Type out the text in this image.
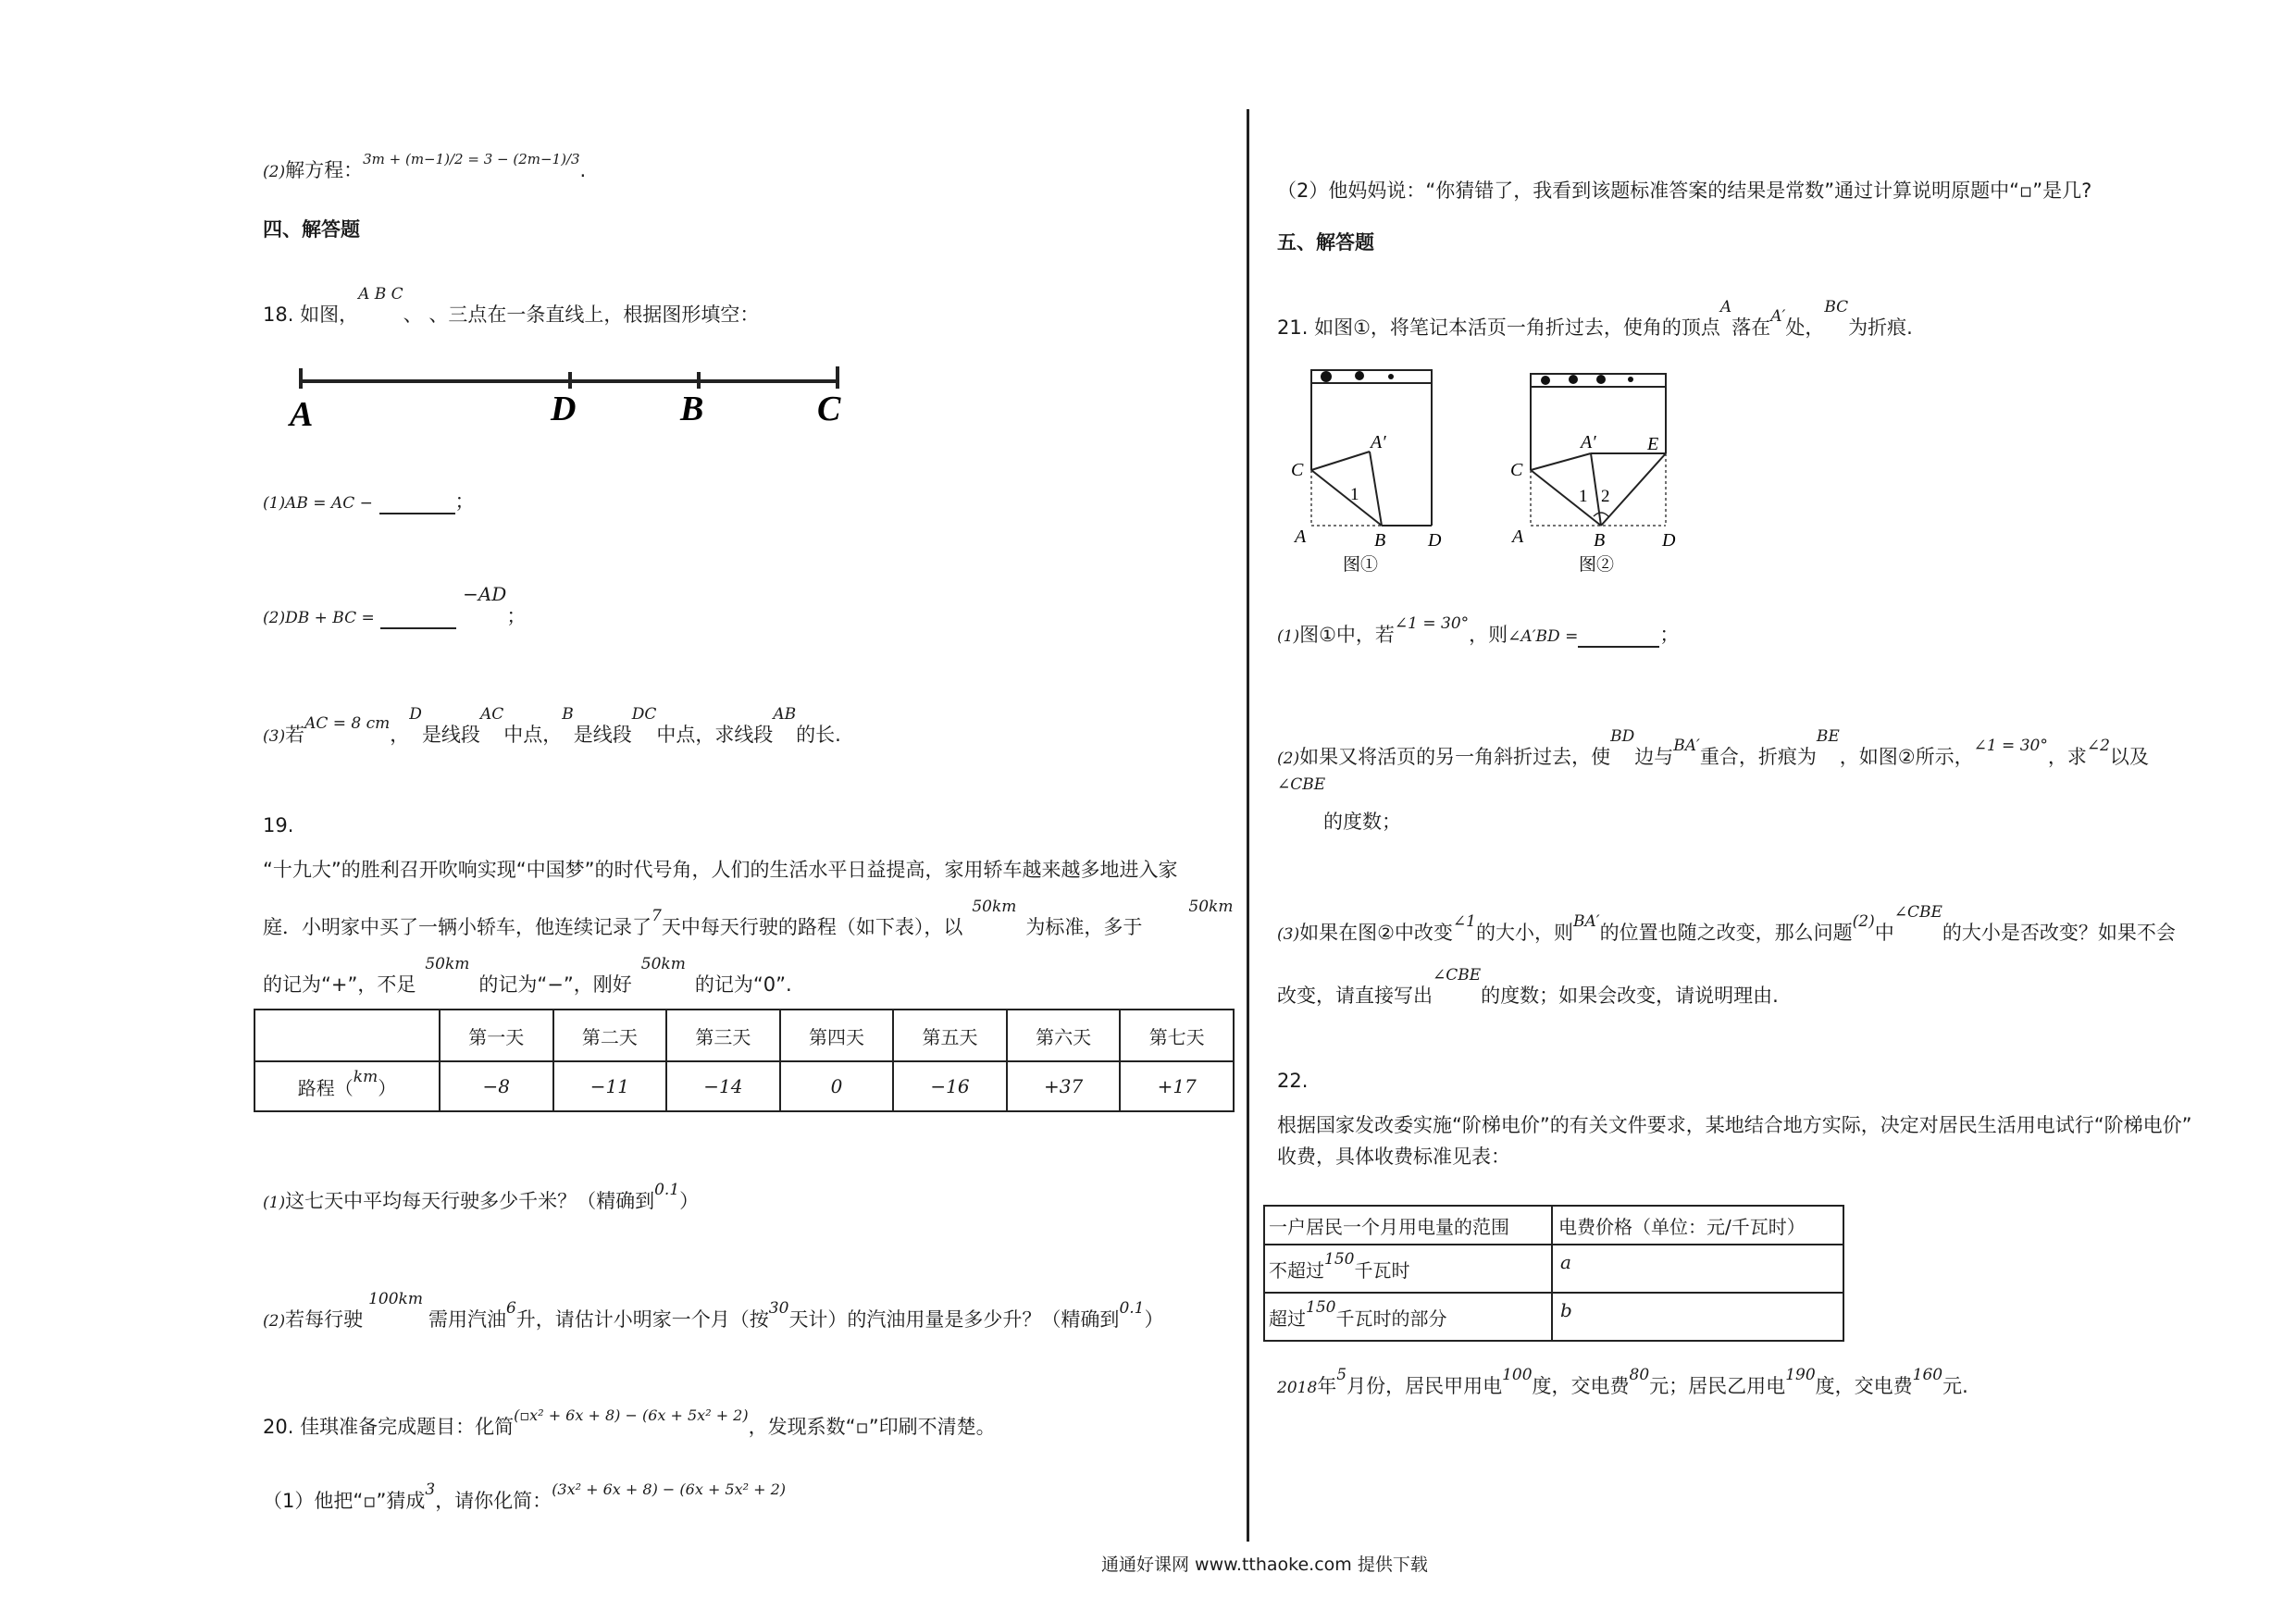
(2)解方程：$^{3m + (m-1)/2 = 3 - (2m-1)/3}$.
四、解答题
18. 如图，$^{A B C}$、 、三点在一条直线上，根据图形填空：
A	D	B	C
(1)AB = AC −	；
(2)DB + BC =  −AD；
(3)若$^{AC = 8 cm}$，$^D$是线段$^{AC}$中点，$^B$是线段$^{DC}$中点，求线段$^{AB}$的长.
19.
“十九大”的胜利召开吹响实现“中国梦”的时代号角，人们的生活水平日益提高，家用轿车越来越多地进入家
庭．小明家中买了一辆小轿车，他连续记录了$^7$天中每天行驶的路程（如下表），以$^{50km}$为标准，多于$^{50km}$
的记为“+”，不足$^{50km}$的记为“−”，刚好$^{50km}$的记为“0”.
	第一天	第二天	第三天	第四天	第五天	第六天	第七天
路程（$^{km}$）	−8	−11	−14	0	−16	+37	+17
(1)这七天中平均每天行驶多少千米？（精确到$^{0.1}$）
(2)若每行驶$^{100km}$需用汽油$^6$升，请估计小明家一个月（按$^{30}$天计）的汽油用量是多少升？（精确到$^{0.1}$）
20. 佳琪准备完成题目：化简$^{(▫x^2 + 6x + 8) - (6x + 5x^2 + 2)}$，发现系数“▫”印刷不清楚。
（1）他把“▫”猜成$^3$，请你化简：$^{(3x^2 + 6x + 8) - (6x + 5x^2 + 2)}$
（2）他妈妈说：“你猜错了，我看到该题标准答案的结果是常数”通过计算说明原题中“▫”是几?
五、解答题
21. 如图①，将笔记本活页一角折过去，使角的顶点$^A$落在$^{A'}$处，$^{BC}$为折痕.
C
A′
1
A	B D
图①
C
A′	E
1 2
A	B	D
图②
(1)图①中，若$^{\angle 1 = 30^\circ}$，则∠A′BD =	；
(2)如果又将活页的另一角斜折过去，使$^{BD}$边与$^{BA'}$重合，折痕为$^{BE}$，如图②所示，$^{\angle 1 = 30^\circ}$，求$^{\angle 2}$以及
$^{\angle CBE}$
的度数；
(3)如果在图②中改变$^{\angle 1}$的大小，则$^{BA'}$的位置也随之改变，那么问题$^{(2)}$中$^{\angle CBE}$的大小是否改变？如果不会
改变，请直接写出$^{\angle CBE}$的度数；如果会改变，请说明理由.
22.
根据国家发改委实施“阶梯电价”的有关文件要求，某地结合地方实际，决定对居民生活用电试行“阶梯电价”
收费，具体收费标准见表：
一户居民一个月用电量的范围	电费价格（单位：元/千瓦时）
不超过$^{150}$千瓦时	a
超过$^{150}$千瓦时的部分	b
2018年$^5$月份，居民甲用电$^{100}$度，交电费$^{80}$元；居民乙用电$^{190}$度，交电费$^{160}$元.
通通好课网 www.tthaoke.com 提供下载
